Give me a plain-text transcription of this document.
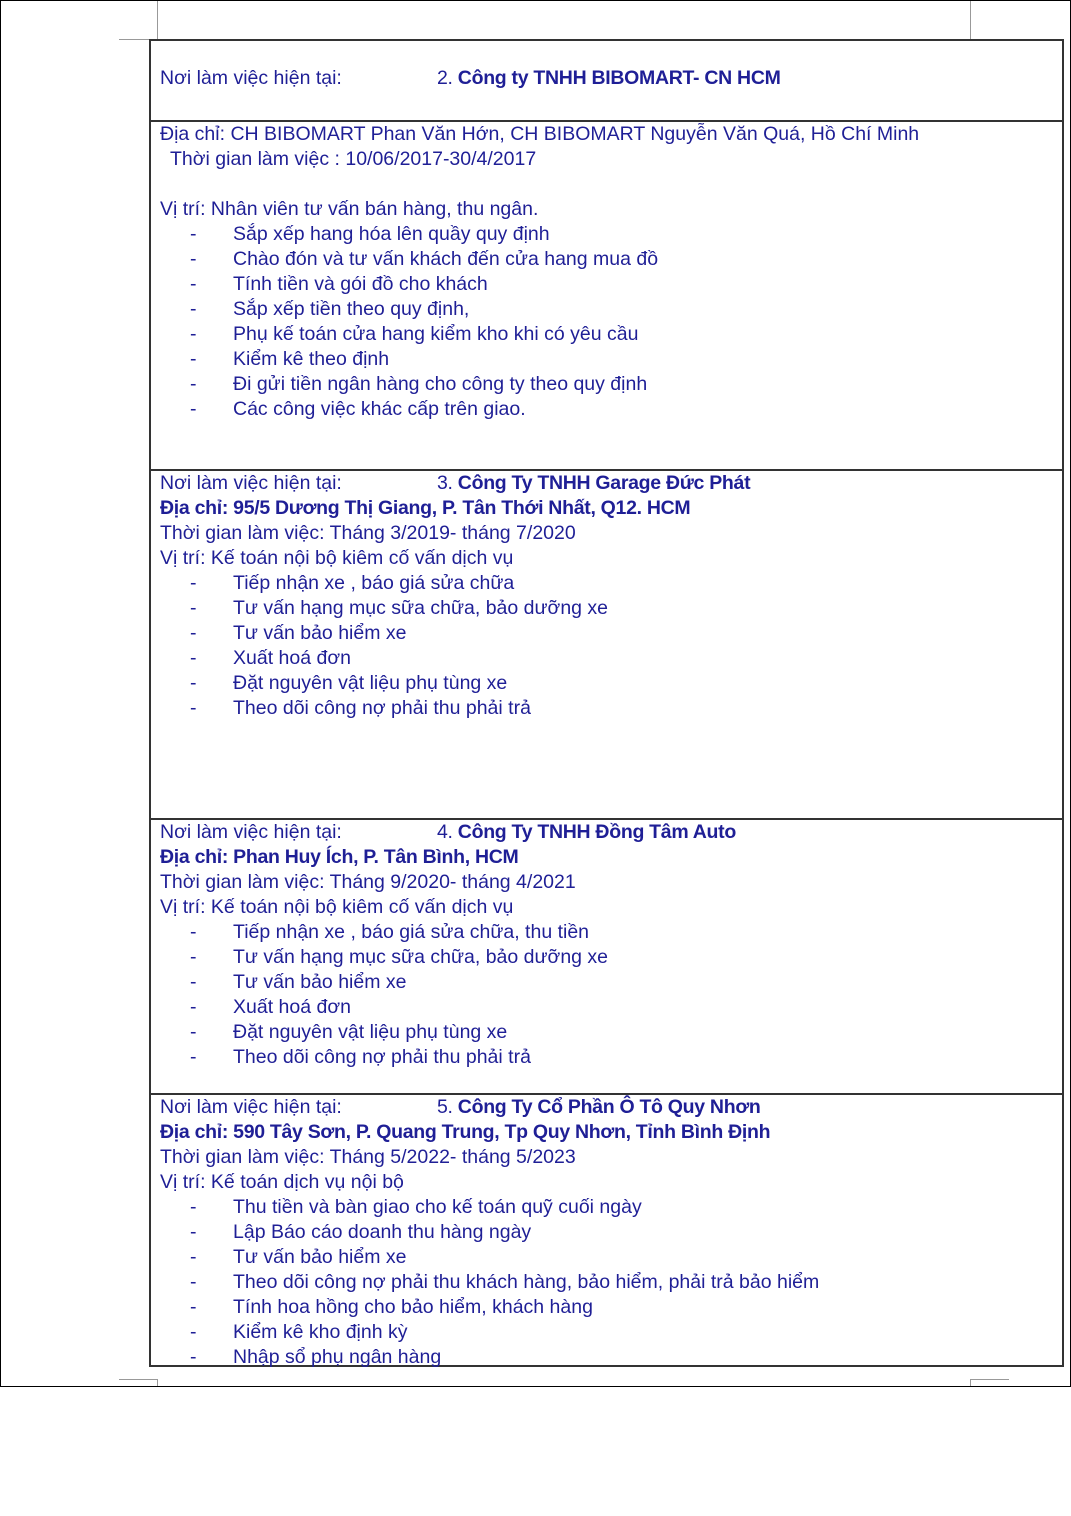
Nơi làm việc hiện tại:	2. Công ty TNHH BIBOMART- CN HCM
Địa chỉ: CH BIBOMART Phan Văn Hớn, CH BIBOMART Nguyễn Văn Quá, Hồ Chí Minh
Thời gian làm việc : 10/06/2017-30/4/2017
Vị trí: Nhân viên tư vấn bán hàng, thu ngân.
- Sắp xếp hang hóa lên quầy quy định
- Chào đón và tư vấn khách đến cửa hang mua đồ
- Tính tiền và gói đồ cho khách
- Sắp xếp tiền theo quy định,
- Phụ kế toán cửa hang kiểm kho khi có yêu cầu
- Kiểm kê theo định
- Đi gửi tiền ngân hàng cho công ty theo quy định
- Các công việc khác cấp trên giao.
Nơi làm việc hiện tại:	3. Công Ty TNHH Garage Đức Phát
Địa chỉ: 95/5 Dương Thị Giang, P. Tân Thới Nhất, Q12. HCM
Thời gian làm việc: Tháng 3/2019- tháng 7/2020
Vị trí: Kế toán nội bộ kiêm cố vấn dịch vụ
- Tiếp nhận xe , báo giá sửa chữa
- Tư vấn hạng mục sữa chữa, bảo dưỡng xe
- Tư vấn bảo hiểm xe
- Xuất hoá đơn
- Đặt nguyên vật liệu phụ tùng xe
- Theo dõi công nợ phải thu phải trả
Nơi làm việc hiện tại:	4. Công Ty TNHH Đồng Tâm Auto
Địa chỉ: Phan Huy Ích, P. Tân Bình, HCM
Thời gian làm việc: Tháng 9/2020- tháng 4/2021
Vị trí: Kế toán nội bộ kiêm cố vấn dịch vụ
- Tiếp nhận xe , báo giá sửa chữa, thu tiền
- Tư vấn hạng mục sữa chữa, bảo dưỡng xe
- Tư vấn bảo hiểm xe
- Xuất hoá đơn
- Đặt nguyên vật liệu phụ tùng xe
- Theo dõi công nợ phải thu phải trả
Nơi làm việc hiện tại:	5. Công Ty Cổ Phần Ô Tô Quy Nhơn
Địa chỉ: 590 Tây Sơn, P. Quang Trung, Tp Quy Nhơn, Tỉnh Bình Định
Thời gian làm việc: Tháng 5/2022- tháng 5/2023
Vị trí: Kế toán dịch vụ nội bộ
- Thu tiền và bàn giao cho kế toán quỹ cuối ngày
- Lập Báo cáo doanh thu hàng ngày
- Tư vấn bảo hiểm xe
- Theo dõi công nợ phải thu khách hàng, bảo hiểm, phải trả bảo hiểm
- Tính hoa hồng cho bảo hiểm, khách hàng
- Kiểm kê kho định kỳ
- Nhập sổ phụ ngân hàng
